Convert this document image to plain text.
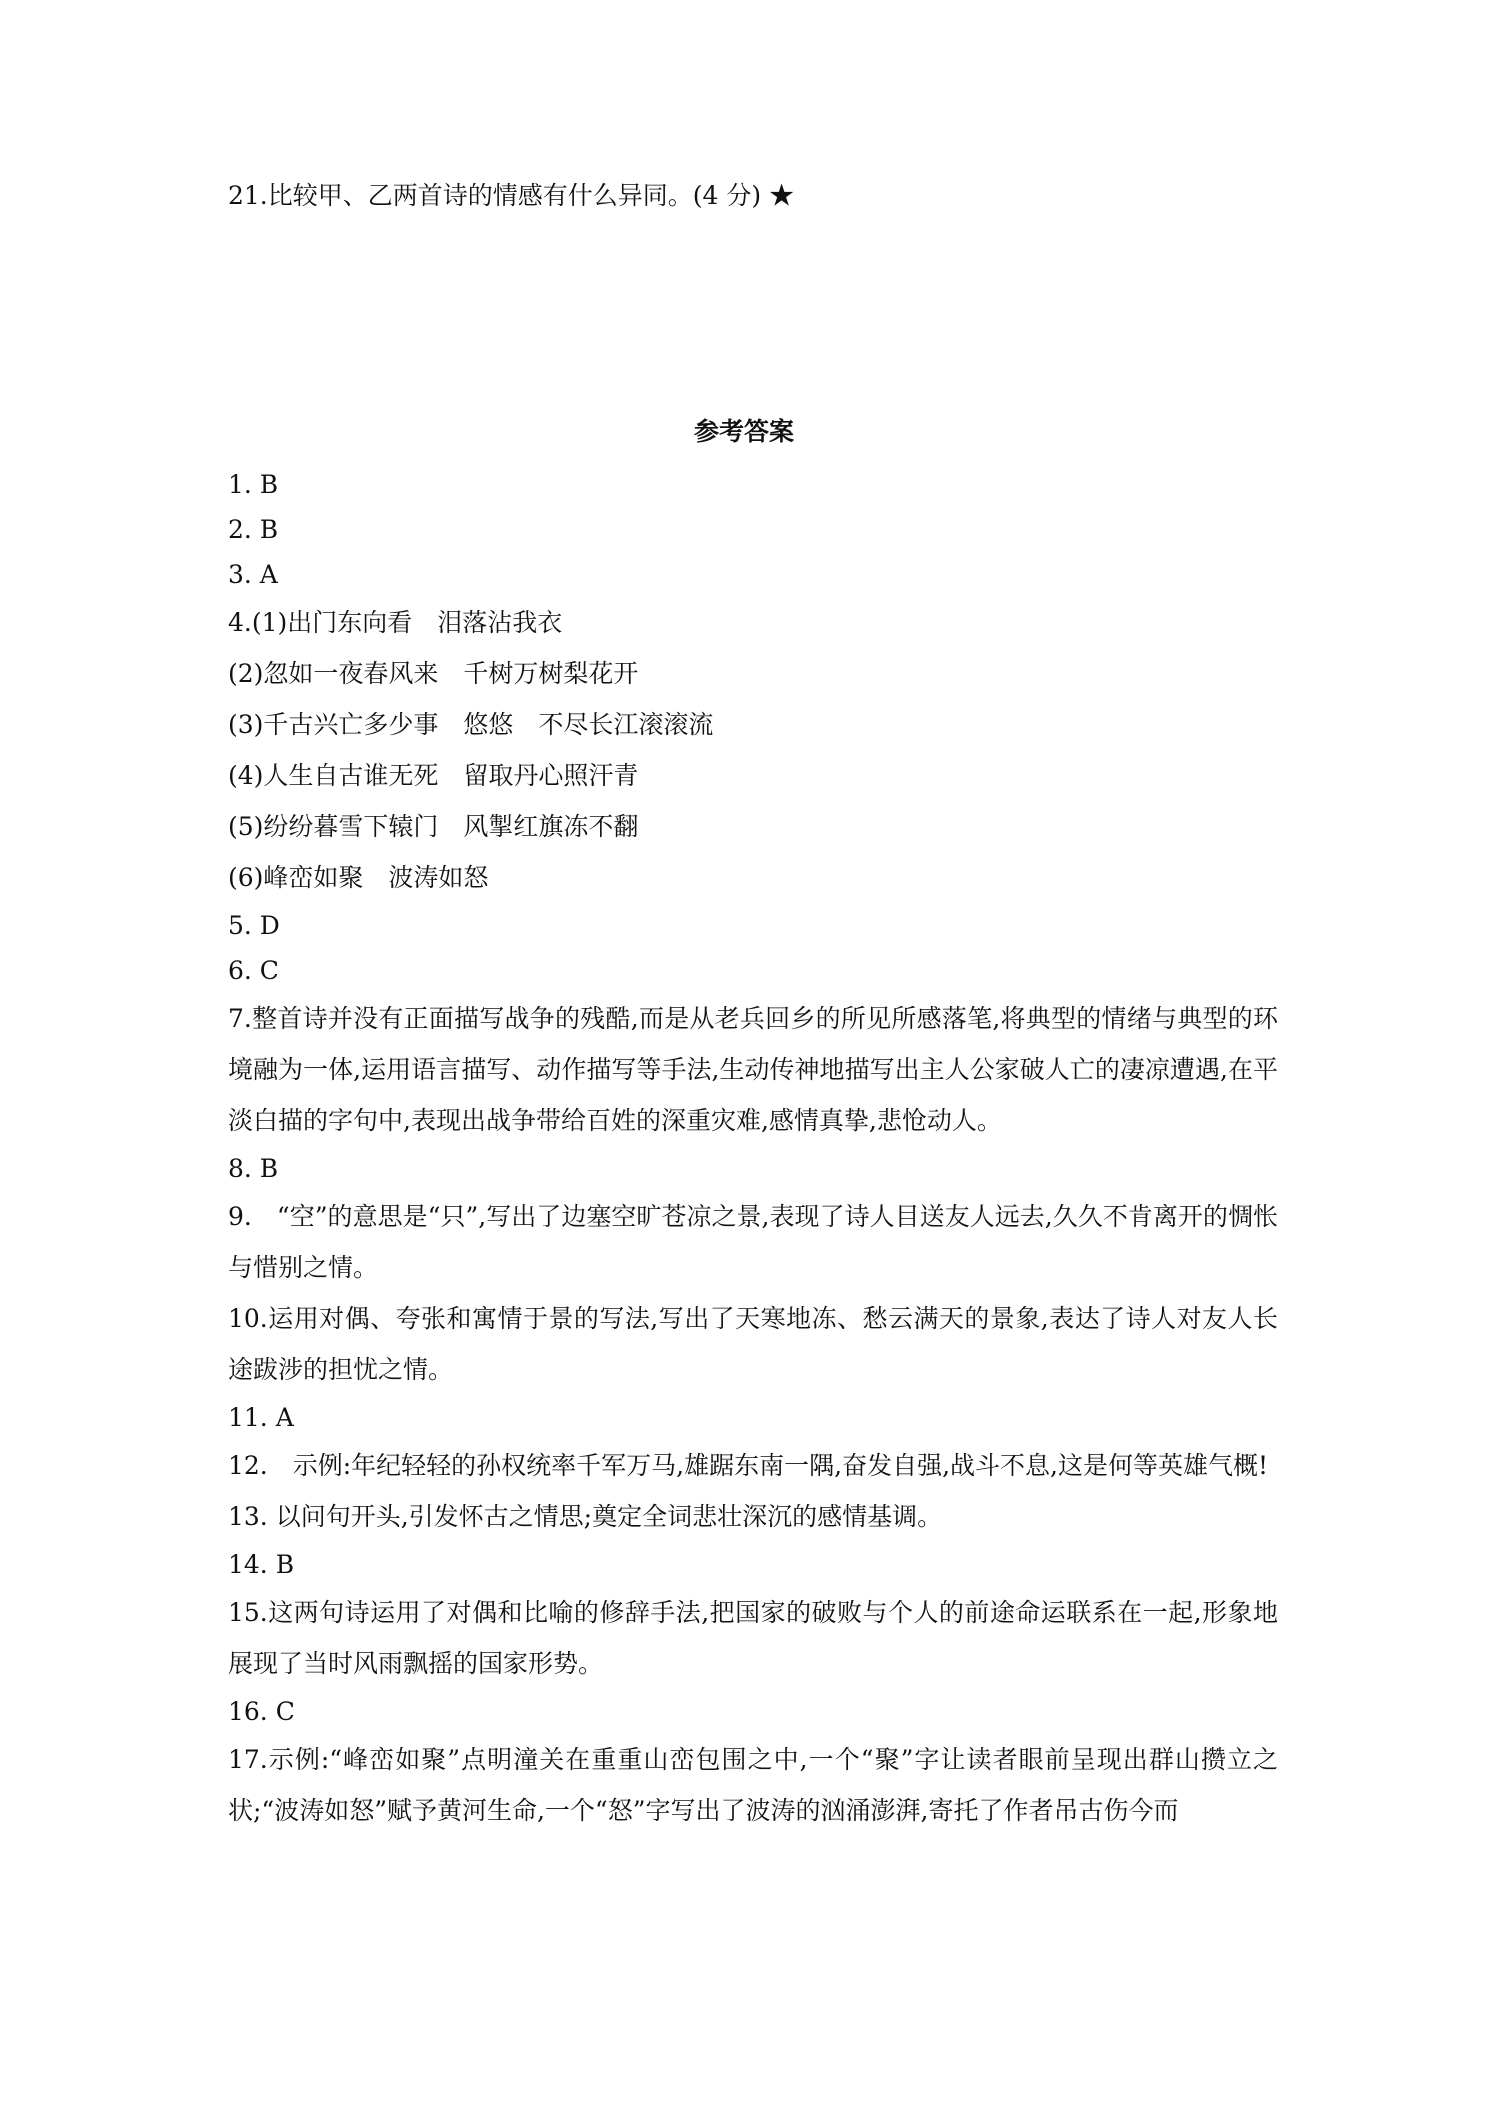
21.比较甲、乙两首诗的情感有什么异同。(4 分) ★
参考答案
1. B
2. B
3. A
4.(1)出门东向看　泪落沾我衣
(2)忽如一夜春风来　千树万树梨花开
(3)千古兴亡多少事　悠悠　不尽长江滚滚流
(4)人生自古谁无死　留取丹心照汗青
(5)纷纷暮雪下辕门　风掣红旗冻不翻
(6)峰峦如聚　波涛如怒
5. D
6. C
7.整首诗并没有正面描写战争的残酷,而是从老兵回乡的所见所感落笔,将典型的情绪与典型的环境融为一体,运用语言描写、动作描写等手法,生动传神地描写出主人公家破人亡的凄凉遭遇,在平淡白描的字句中,表现出战争带给百姓的深重灾难,感情真挚,悲怆动人。
8. B
9.　“空”的意思是“只”,写出了边塞空旷苍凉之景,表现了诗人目送友人远去,久久不肯离开的惆怅与惜别之情。
10.运用对偶、夸张和寓情于景的写法,写出了天寒地冻、愁云满天的景象,表达了诗人对友人长途跋涉的担忧之情。
11. A
12.　示例:年纪轻轻的孙权统率千军万马,雄踞东南一隅,奋发自强,战斗不息,这是何等英雄气概!
13. 以问句开头,引发怀古之情思;奠定全词悲壮深沉的感情基调。
14. B
15.这两句诗运用了对偶和比喻的修辞手法,把国家的破败与个人的前途命运联系在一起,形象地展现了当时风雨飘摇的国家形势。
16. C
17.示例:“峰峦如聚”点明潼关在重重山峦包围之中,一个“聚”字让读者眼前呈现出群山攒立之状;“波涛如怒”赋予黄河生命,一个“怒”字写出了波涛的汹涌澎湃,寄托了作者吊古伤今而
